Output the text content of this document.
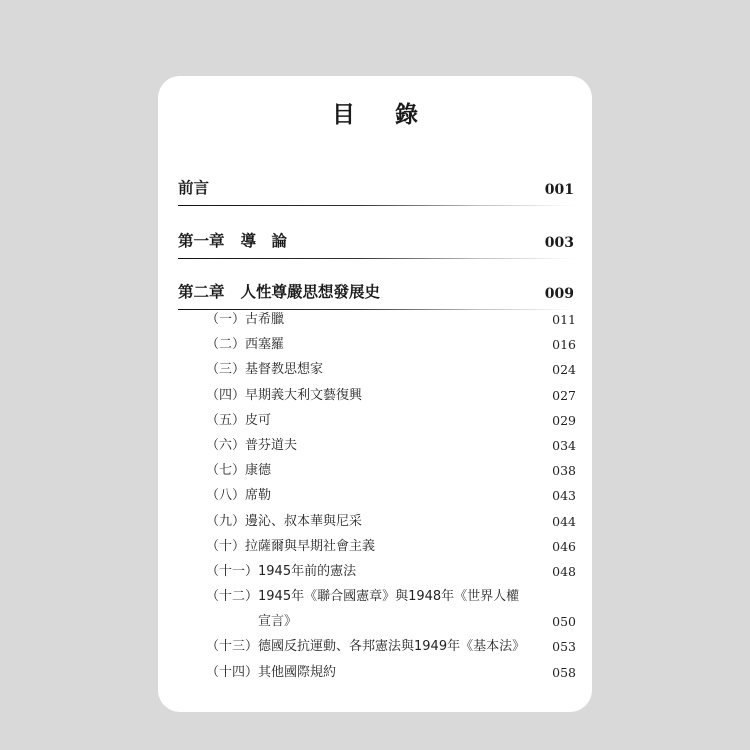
目 錄
前言	001
第一章 導　論	003
第二章 人性尊嚴思想發展史	009
（一） 古希臘	011
（二） 西塞羅	016
（三） 基督教思想家	024
（四） 早期義大利文藝復興	027
（五） 皮可	029
（六） 普芬道夫	034
（七） 康德	038
（八） 席勒	043
（九） 邊沁、叔本華與尼采	044
（十） 拉薩爾與早期社會主義	046
（十一） 1945年前的憲法	048
（十二） 1945年《聯合國憲章》與1948年《世界人權
宣言》	050
（十三） 德國反抗運動、各邦憲法與1949年《基本法》 053
（十四） 其他國際規約	058
